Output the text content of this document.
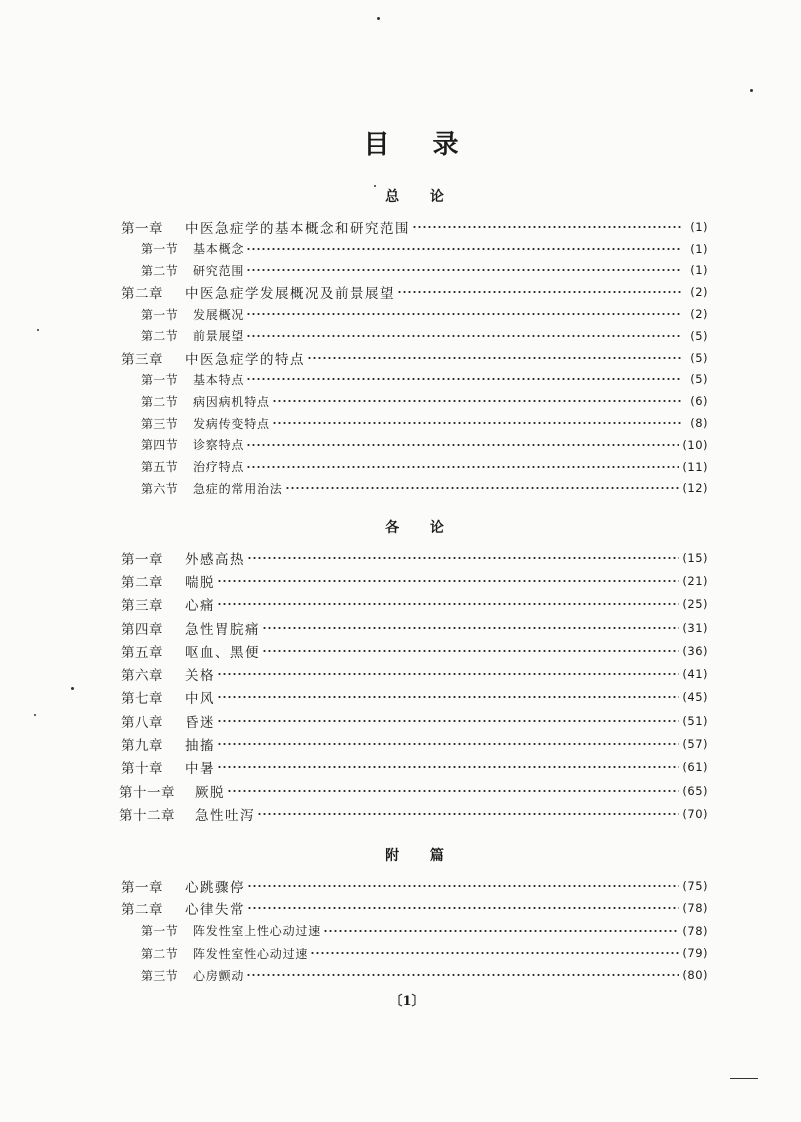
目 录
总 论
第一章	中医急症学的基本概念和研究范围	(1)
第一节	基本概念	(1)
第二节	研究范围	(1)
第二章	中医急症学发展概况及前景展望	(2)
第一节	发展概况	(2)
第二节	前景展望	(5)
第三章	中医急症学的特点	(5)
第一节	基本特点	(5)
第二节	病因病机特点	(6)
第三节	发病传变特点	(8)
第四节	诊察特点	(10)
第五节	治疗特点	(11)
第六节	急症的常用治法	(12)
各 论
第一章	外感高热	(15)
第二章	喘脱	(21)
第三章	心痛	(25)
第四章	急性胃脘痛	(31)
第五章	呕血、黑便	(36)
第六章	关格	(41)
第七章	中风	(45)
第八章	昏迷	(51)
第九章	抽搐	(57)
第十章	中暑	(61)
第十一章	厥脱	(65)
第十二章	急性吐泻	(70)
附 篇
第一章	心跳骤停	(75)
第二章	心律失常	(78)
第一节	阵发性室上性心动过速	(78)
第二节	阵发性室性心动过速	(79)
第三节	心房颤动	(80)
〔1〕
